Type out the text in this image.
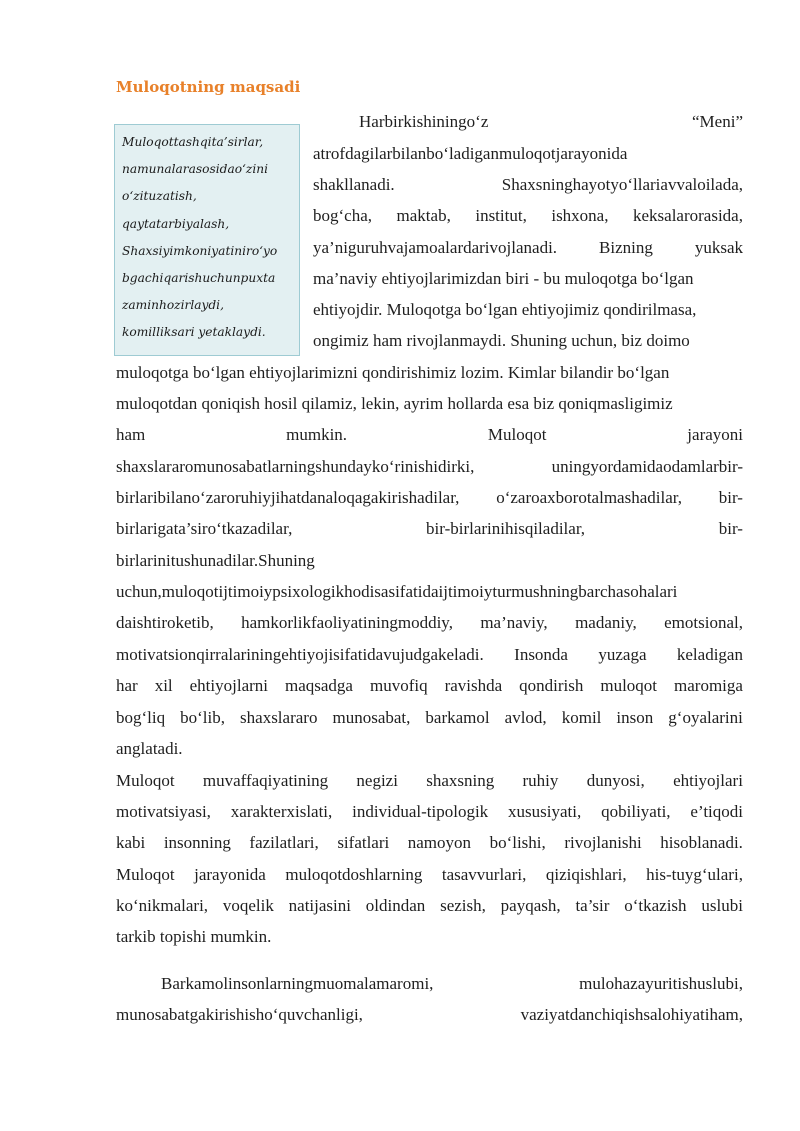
Muloqotning maqsadi
Muloqottashqita’sirlar,
namunalarasosidao‘zini
o‘zituzatish,
qaytatarbiyalash,
Shaxsiyimkoniyatiniro‘yo
bgachiqarishuchunpuxta
zaminhozirlaydi,
komilliksari yetaklaydi.
Harbirkishiningo‘z	“Meni”
atrofdagilarbilanbo‘ladiganmuloqotjarayonida
shakllanadi.	Shaxsninghayotyo‘llariavvaloilada,
bog‘cha, maktab, institut, ishxona, keksalarorasida,
ya’niguruhvajamoalardarivojlanadi. Bizning yuksak
ma’naviy ehtiyojlarimizdan biri - bu muloqotga bo‘lgan
ehtiyojdir. Muloqotga bo‘lgan ehtiyojimiz qondirilmasa,
ongimiz ham rivojlanmaydi. Shuning uchun, biz doimo
muloqotga bo‘lgan ehtiyojlarimizni qondirishimiz lozim. Kimlar bilandir bo‘lgan
muloqotdan qoniqish hosil qilamiz, lekin, ayrim hollarda esa biz qoniqmasligimiz
ham	mumkin.	Muloqot	jarayoni
shaxslararomunosabatlarningshundayko‘rinishidirki,	uningyordamidaodamlarbir-
birlaribilano‘zaroruhiyjihatdanaloqagakirishadilar, o‘zaroaxborotalmashadilar, bir-
birlarigata’siro‘tkazadilar,	bir-birlarinihisqiladilar,	bir-
birlarinitushunadilar.Shuning
uchun,muloqotijtimoiypsixologikhodisasifatidaijtimoiyturmushningbarchasohalari
daishtiroketib, hamkorlikfaoliyatiningmoddiy, ma’naviy, madaniy, emotsional,
motivatsionqirralariningehtiyojisifatidavujudgakeladi. Insonda yuzaga keladigan
har xil ehtiyojlarni maqsadga muvofiq ravishda qondirish muloqot maromiga
bog‘liq bo‘lib, shaxslararo munosabat, barkamol avlod, komil inson g‘oyalarini
anglatadi.
Muloqot muvaffaqiyatining negizi shaxsning ruhiy dunyosi, ehtiyojlari
motivatsiyasi, xarakterxislati, individual-tipologik xususiyati, qobiliyati, e’tiqodi
kabi insonning fazilatlari, sifatlari namoyon bo‘lishi, rivojlanishi hisoblanadi.
Muloqot jarayonida muloqotdoshlarning tasavvurlari, qiziqishlari, his-tuyg‘ulari,
ko‘nikmalari, voqelik natijasini oldindan sezish, payqash, ta’sir o‘tkazish uslubi
tarkib topishi mumkin.
Barkamolinsonlarningmuomalamaromi,	mulohazayuritishuslubi,
munosabatgakirishisho‘quvchanligi,	vaziyatdanchiqishsalohiyatiham,
